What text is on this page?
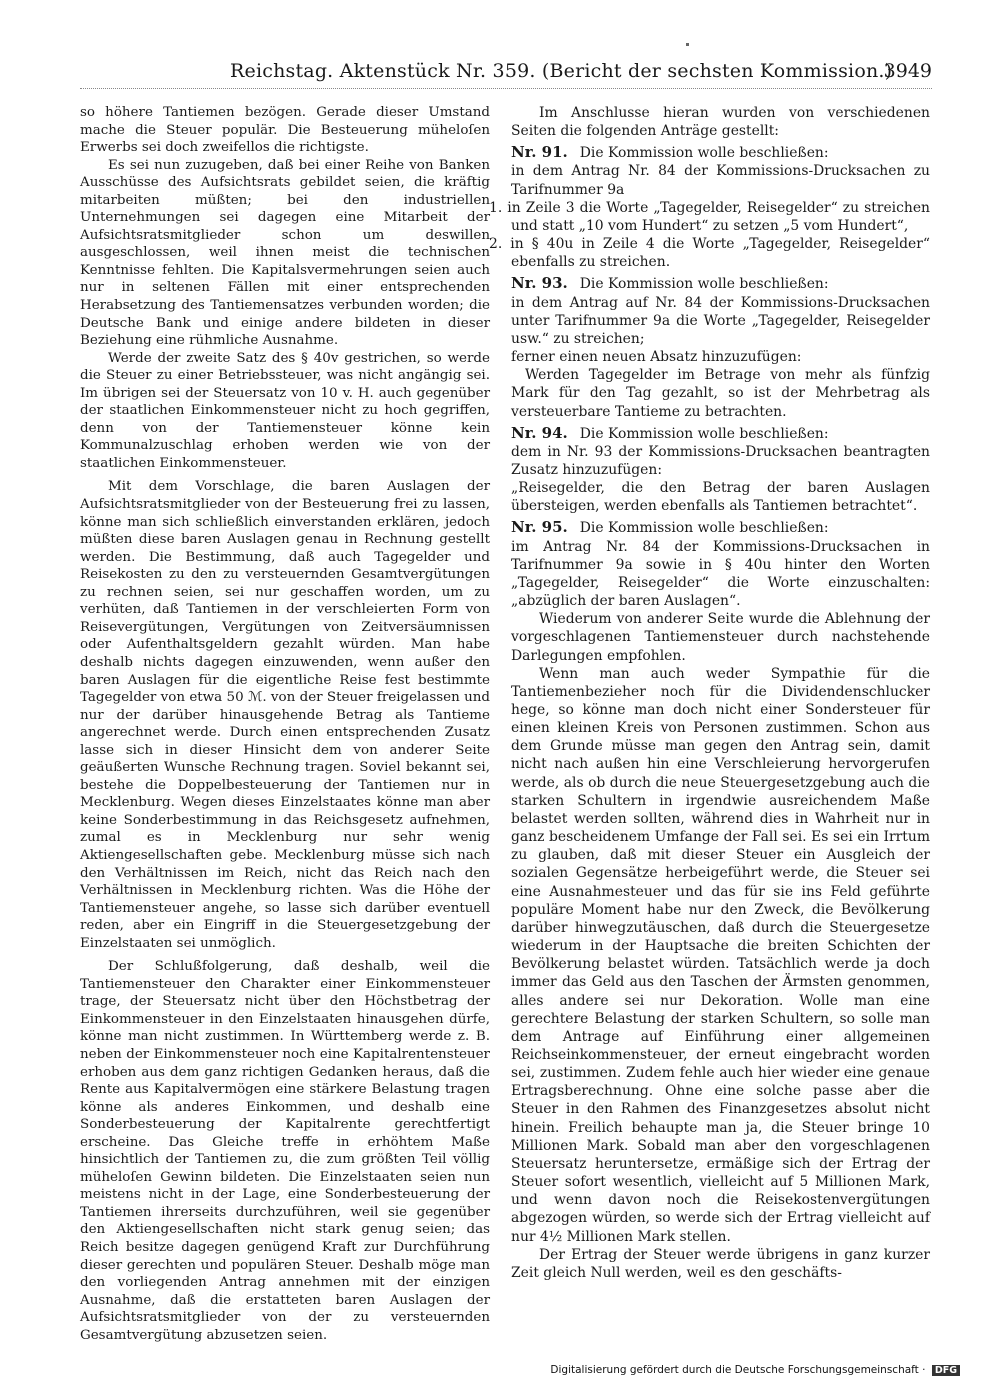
Reichstag. Aktenstück Nr. 359. (Bericht der sechsten Kommission.)
3949

so höhere Tantiemen bezögen. Gerade dieser Umstand mache die Steuer populär. Die Besteuerung müheloſen Erwerbs sei doch zweifellos die richtigste.

Es sei nun zuzugeben, daß bei einer Reihe von Banken Ausschüsse des Aufsichtsrats gebildet seien, die kräftig mitarbeiten müßten; bei den industriellen Unternehmungen sei dagegen eine Mitarbeit der Aufsichtsratsmitglieder schon um deswillen ausgeschlossen, weil ihnen meist die technischen Kenntnisse fehlten. Die Kapitalsvermehrungen seien auch nur in seltenen Fällen mit einer entsprechenden Herabsetzung des Tantiemensatzes verbunden worden; die Deutsche Bank und einige andere bildeten in dieser Beziehung eine rühmliche Ausnahme.

Werde der zweite Satz des § 40v gestrichen, so werde die Steuer zu einer Betriebssteuer, was nicht angängig sei. Im übrigen sei der Steuersatz von 10 v. H. auch gegenüber der staatlichen Einkommensteuer nicht zu hoch gegriffen, denn von der Tantiemensteuer könne kein Kommunalzuschlag erhoben werden wie von der staatlichen Einkommensteuer.

Mit dem Vorschlage, die baren Auslagen der Aufsichtsratsmitglieder von der Besteuerung frei zu lassen, könne man sich schließlich einverstanden erklären, jedoch müßten diese baren Auslagen genau in Rechnung gestellt werden. Die Bestimmung, daß auch Tagegelder und Reisekosten zu den zu versteuernden Gesamtvergütungen zu rechnen seien, sei nur geschaffen worden, um zu verhüten, daß Tantiemen in der verschleierten Form von Reisevergütungen, Vergütungen von Zeitversäumnissen oder Aufenthaltsgeldern gezahlt würden. Man habe deshalb nichts dagegen einzuwenden, wenn außer den baren Auslagen für die eigentliche Reise fest bestimmte Tagegelder von etwa 50 ℳ. von der Steuer freigelassen und nur der darüber hinausgehende Betrag als Tantieme angerechnet werde. Durch einen entsprechenden Zusatz lasse sich in dieser Hinsicht dem von anderer Seite geäußerten Wunsche Rechnung tragen. Soviel bekannt sei, bestehe die Doppelbesteuerung der Tantiemen nur in Mecklenburg. Wegen dieses Einzelstaates könne man aber keine Sonderbestimmung in das Reichsgesetz aufnehmen, zumal es in Mecklenburg nur sehr wenig Aktiengesellschaften gebe. Mecklenburg müsse sich nach den Verhältnissen im Reich, nicht das Reich nach den Verhältnissen in Mecklenburg richten. Was die Höhe der Tantiemensteuer angehe, so lasse sich darüber eventuell reden, aber ein Eingriff in die Steuergesetzgebung der Einzelstaaten sei unmöglich.

Der Schlußfolgerung, daß deshalb, weil die Tantiemensteuer den Charakter einer Einkommensteuer trage, der Steuersatz nicht über den Höchstbetrag der Einkommensteuer in den Einzelstaaten hinausgehen dürfe, könne man nicht zustimmen. In Württemberg werde z. B. neben der Einkommensteuer noch eine Kapitalrentensteuer erhoben aus dem ganz richtigen Gedanken heraus, daß die Rente aus Kapitalvermögen eine stärkere Belastung tragen könne als anderes Einkommen, und deshalb eine Sonderbesteuerung der Kapitalrente gerechtfertigt erscheine. Das Gleiche treffe in erhöhtem Maße hinsichtlich der Tantiemen zu, die zum größten Teil völlig müheloſen Gewinn bildeten. Die Einzelstaaten seien nun meistens nicht in der Lage, eine Sonderbesteuerung der Tantiemen ihrerseits durchzuführen, weil sie gegenüber den Aktiengesellschaften nicht stark genug seien; das Reich besitze dagegen genügend Kraft zur Durchführung dieser gerechten und populären Steuer. Deshalb möge man den vorliegenden Antrag annehmen mit der einzigen Ausnahme, daß die erstatteten baren Auslagen der Aufsichtsratsmitglieder von der zu versteuernden Gesamtvergütung abzusetzen seien.

Im Anschlusse hieran wurden von verschiedenen Seiten die folgenden Anträge gestellt:

Nr. 91. Die Kommission wolle beschließen:

in dem Antrag Nr. 84 der Kommissions-Drucksachen zu Tarifnummer 9a

1. in Zeile 3 die Worte „Tagegelder, Reisegelder“ zu streichen und statt „10 vom Hundert“ zu setzen „5 vom Hundert“,

2. in § 40u in Zeile 4 die Worte „Tagegelder, Reisegelder“ ebenfalls zu streichen.

Nr. 93. Die Kommission wolle beschließen:

in dem Antrag auf Nr. 84 der Kommissions-Drucksachen unter Tarifnummer 9a die Worte „Tagegelder, Reisegelder usw.“ zu streichen;

ferner einen neuen Absatz hinzuzufügen:

Werden Tagegelder im Betrage von mehr als fünfzig Mark für den Tag gezahlt, so ist der Mehrbetrag als versteuerbare Tantieme zu betrachten.

Nr. 94. Die Kommission wolle beschließen:

dem in Nr. 93 der Kommissions-Drucksachen beantragten Zusatz hinzuzufügen:

„Reisegelder, die den Betrag der baren Auslagen übersteigen, werden ebenfalls als Tantiemen betrachtet“.

Nr. 95. Die Kommission wolle beschließen:

im Antrag Nr. 84 der Kommissions-Drucksachen in Tarifnummer 9a sowie in § 40u hinter den Worten „Tagegelder, Reisegelder“ die Worte einzuschalten: „abzüglich der baren Auslagen“.

Wiederum von anderer Seite wurde die Ablehnung der vorgeschlagenen Tantiemensteuer durch nachstehende Darlegungen empfohlen.

Wenn man auch weder Sympathie für die Tantiemenbezieher noch für die Dividendenschlucker hege, so könne man doch nicht einer Sondersteuer für einen kleinen Kreis von Personen zustimmen. Schon aus dem Grunde müsse man gegen den Antrag sein, damit nicht nach außen hin eine Verschleierung hervorgerufen werde, als ob durch die neue Steuergesetzgebung auch die starken Schultern in irgendwie ausreichendem Maße belastet werden sollten, während dies in Wahrheit nur in ganz bescheidenem Umfange der Fall sei. Es sei ein Irrtum zu glauben, daß mit dieser Steuer ein Ausgleich der sozialen Gegensätze herbeigeführt werde, die Steuer sei eine Ausnahmesteuer und das für sie ins Feld geführte populäre Moment habe nur den Zweck, die Bevölkerung darüber hinwegzutäuschen, daß durch die Steuergesetze wiederum in der Hauptsache die breiten Schichten der Bevölkerung belastet würden. Tatsächlich werde ja doch immer das Geld aus den Taschen der Ärmsten genommen, alles andere sei nur Dekoration. Wolle man eine gerechtere Belastung der starken Schultern, so solle man dem Antrage auf Einführung einer allgemeinen Reichseinkommensteuer, der erneut eingebracht worden sei, zustimmen. Zudem fehle auch hier wieder eine genaue Ertragsberechnung. Ohne eine solche passe aber die Steuer in den Rahmen des Finanzgesetzes absolut nicht hinein. Freilich behaupte man ja, die Steuer bringe 10 Millionen Mark. Sobald man aber den vorgeschlagenen Steuersatz heruntersetze, ermäßige sich der Ertrag der Steuer sofort wesentlich, vielleicht auf 5 Millionen Mark, und wenn davon noch die Reisekostenvergütungen abgezogen würden, so werde sich der Ertrag vielleicht auf nur 4½ Millionen Mark stellen.

Der Ertrag der Steuer werde übrigens in ganz kurzer Zeit gleich Null werden, weil es den geschäfts-

Digitalisierung gefördert durch die Deutsche Forschungsgemeinschaft · DFG
